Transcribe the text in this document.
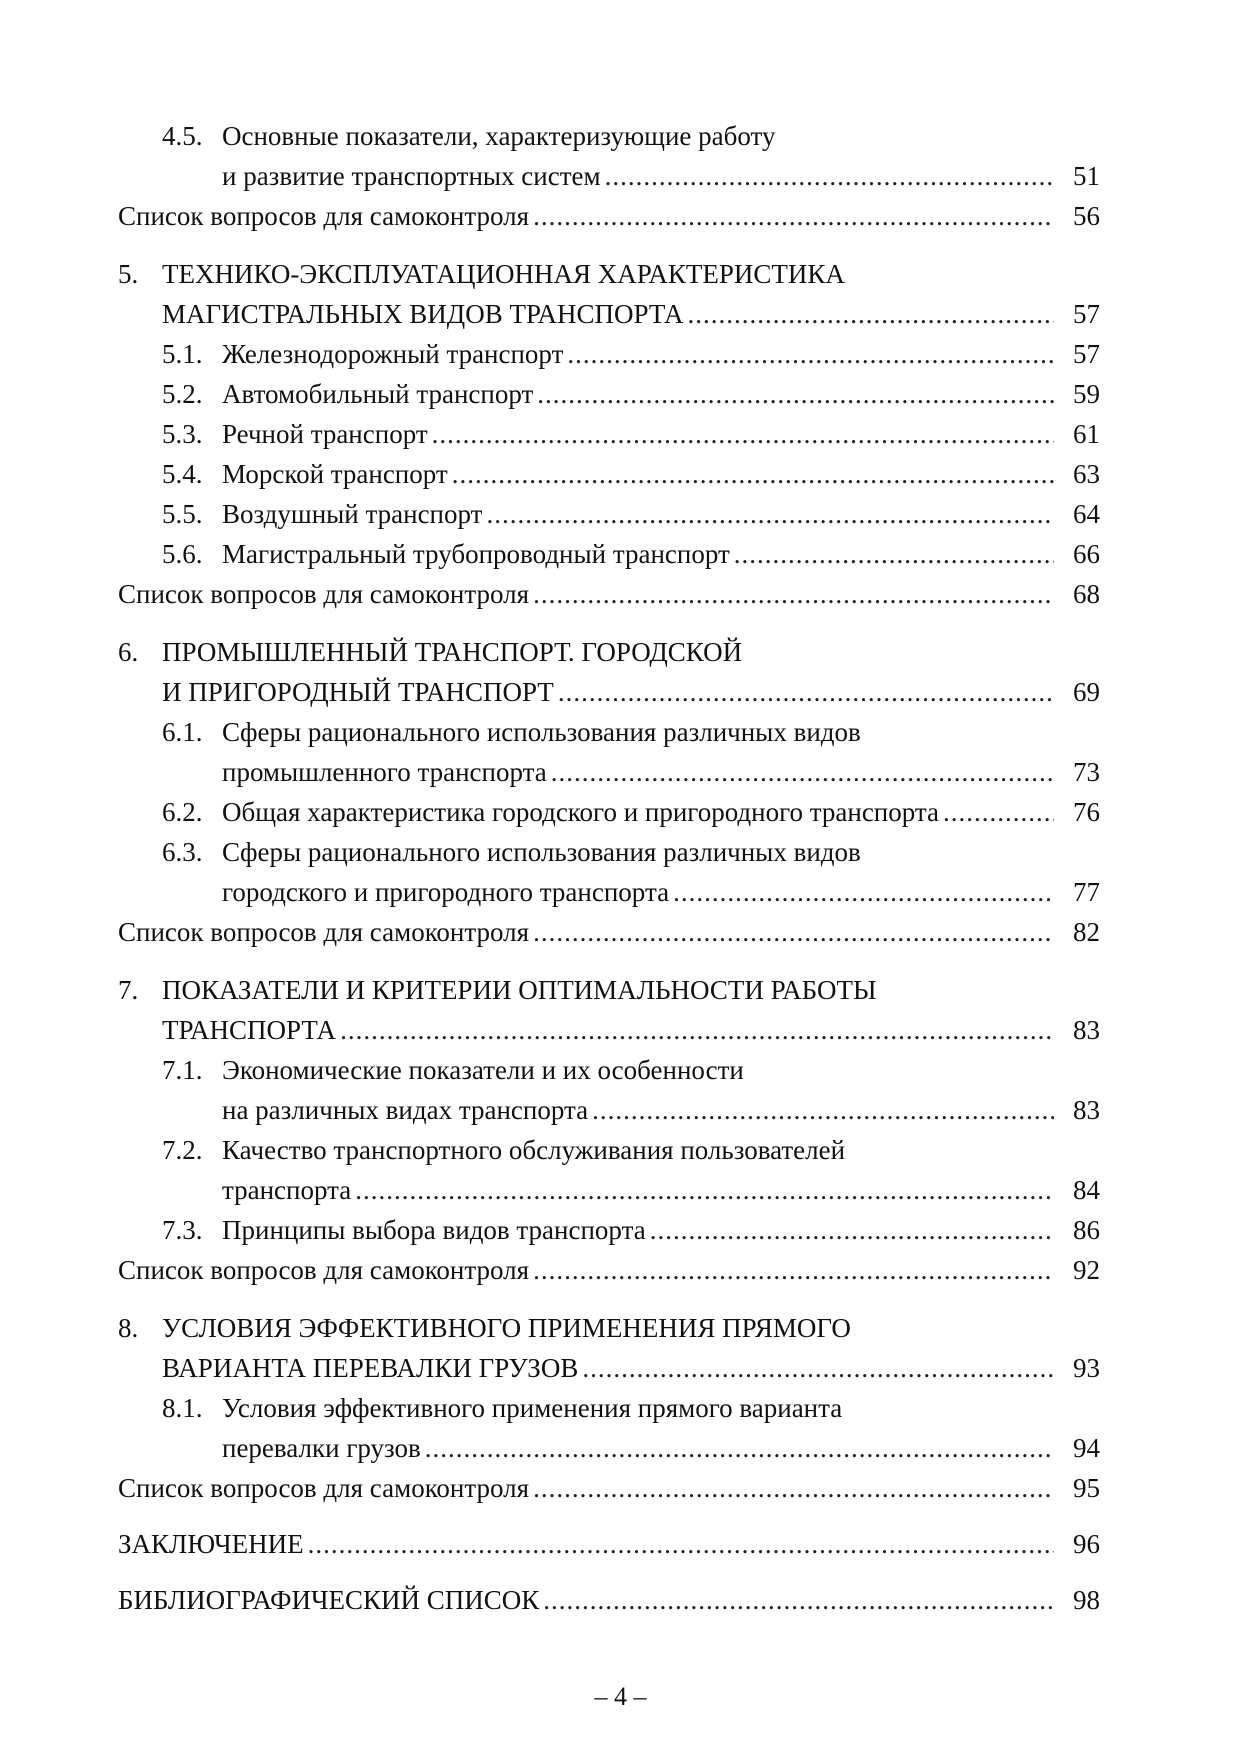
4.5. Основные показатели, характеризующие работу
и развитие транспортных систем .....	51
Список вопросов для самоконтроля .....	56
5. ТЕХНИКО-ЭКСПЛУАТАЦИОННАЯ ХАРАКТЕРИСТИКА
МАГИСТРАЛЬНЫХ ВИДОВ ТРАНСПОРТА .....	57
5.1. Железнодорожный транспорт .....	57
5.2. Автомобильный транспорт .....	59
5.3. Речной транспорт .....	61
5.4. Морской транспорт .....	63
5.5. Воздушный транспорт .....	64
5.6. Магистральный трубопроводный транспорт .....	66
Список вопросов для самоконтроля .....	68
6. ПРОМЫШЛЕННЫЙ ТРАНСПОРТ. ГОРОДСКОЙ
И ПРИГОРОДНЫЙ ТРАНСПОРТ .....	69
6.1. Сферы рационального использования различных видов
промышленного транспорта .....	73
6.2. Общая характеристика городского и пригородного транспорта .....	76
6.3. Сферы рационального использования различных видов
городского и пригородного транспорта .....	77
Список вопросов для самоконтроля .....	82
7. ПОКАЗАТЕЛИ И КРИТЕРИИ ОПТИМАЛЬНОСТИ РАБОТЫ
ТРАНСПОРТА .....	83
7.1. Экономические показатели и их особенности
на различных видах транспорта .....	83
7.2. Качество транспортного обслуживания пользователей
транспорта .....	84
7.3. Принципы выбора видов транспорта .....	86
Список вопросов для самоконтроля .....	92
8. УСЛОВИЯ ЭФФЕКТИВНОГО ПРИМЕНЕНИЯ ПРЯМОГО
ВАРИАНТА ПЕРЕВАЛКИ ГРУЗОВ .....	93
8.1. Условия эффективного применения прямого варианта
перевалки грузов .....	94
Список вопросов для самоконтроля .....	95
ЗАКЛЮЧЕНИЕ .....	96
БИБЛИОГРАФИЧЕСКИЙ СПИСОК .....	98
– 4 –
